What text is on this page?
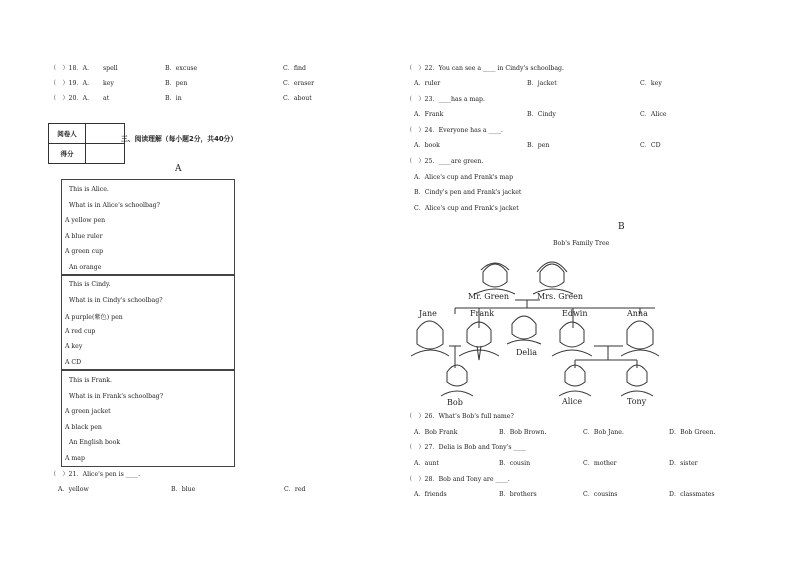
（　）18．A． spell	B．excuse	C．find
（　）19．A． key	B．pen	C．eraser
（　）20．A． at	B．in	C．about
阅卷人	
得分	
三、阅读理解（每小题2分，共40分）
A
This is Alice.
What is in Alice's schoolbag?
A yellow pen
A blue ruler
A green cup
An orange
This is Cindy.
What is in Cindy's schoolbag?
A purple(紫色) pen
A red cup
A key
A CD
This is Frank.
What is in Frank's schoolbag?
A green jacket
A black pen
An English book
A map
（　）21．Alice's pen is ____.
A．yellow	B．blue	C．red
（　）22．You can see a ____ in Cindy's schoolbag.
A．ruler	B．jacket	C．key
（　）23．____has a map.
A．Frank	B．Cindy	C．Alice
（　）24．Everyone has a ____.
A．book	B．pen	C．CD
（　）25．____are green.
A．Alice's cup and Frank's map
B．Cindy's pen and Frank's jacket
C．Alice's cup and Frank's jacket
B
Bob's Family Tree
Mr. Green	Mrs. Green
Jane	Frank
Delia
Edwin	Anna
Bob	Alice	Tony
（　）26．What's Bob's full name?
A．Bob Frank	B．Bob Brown.	C．Bob Jane.	D．Bob Green.
（　）27．Delia is Bob and Tony's ____
A．aunt	B．cousin	C．mother	D．sister
（　）28．Bob and Tony are ____.
A．friends	B．brothers	C．cousins	D．classmates
